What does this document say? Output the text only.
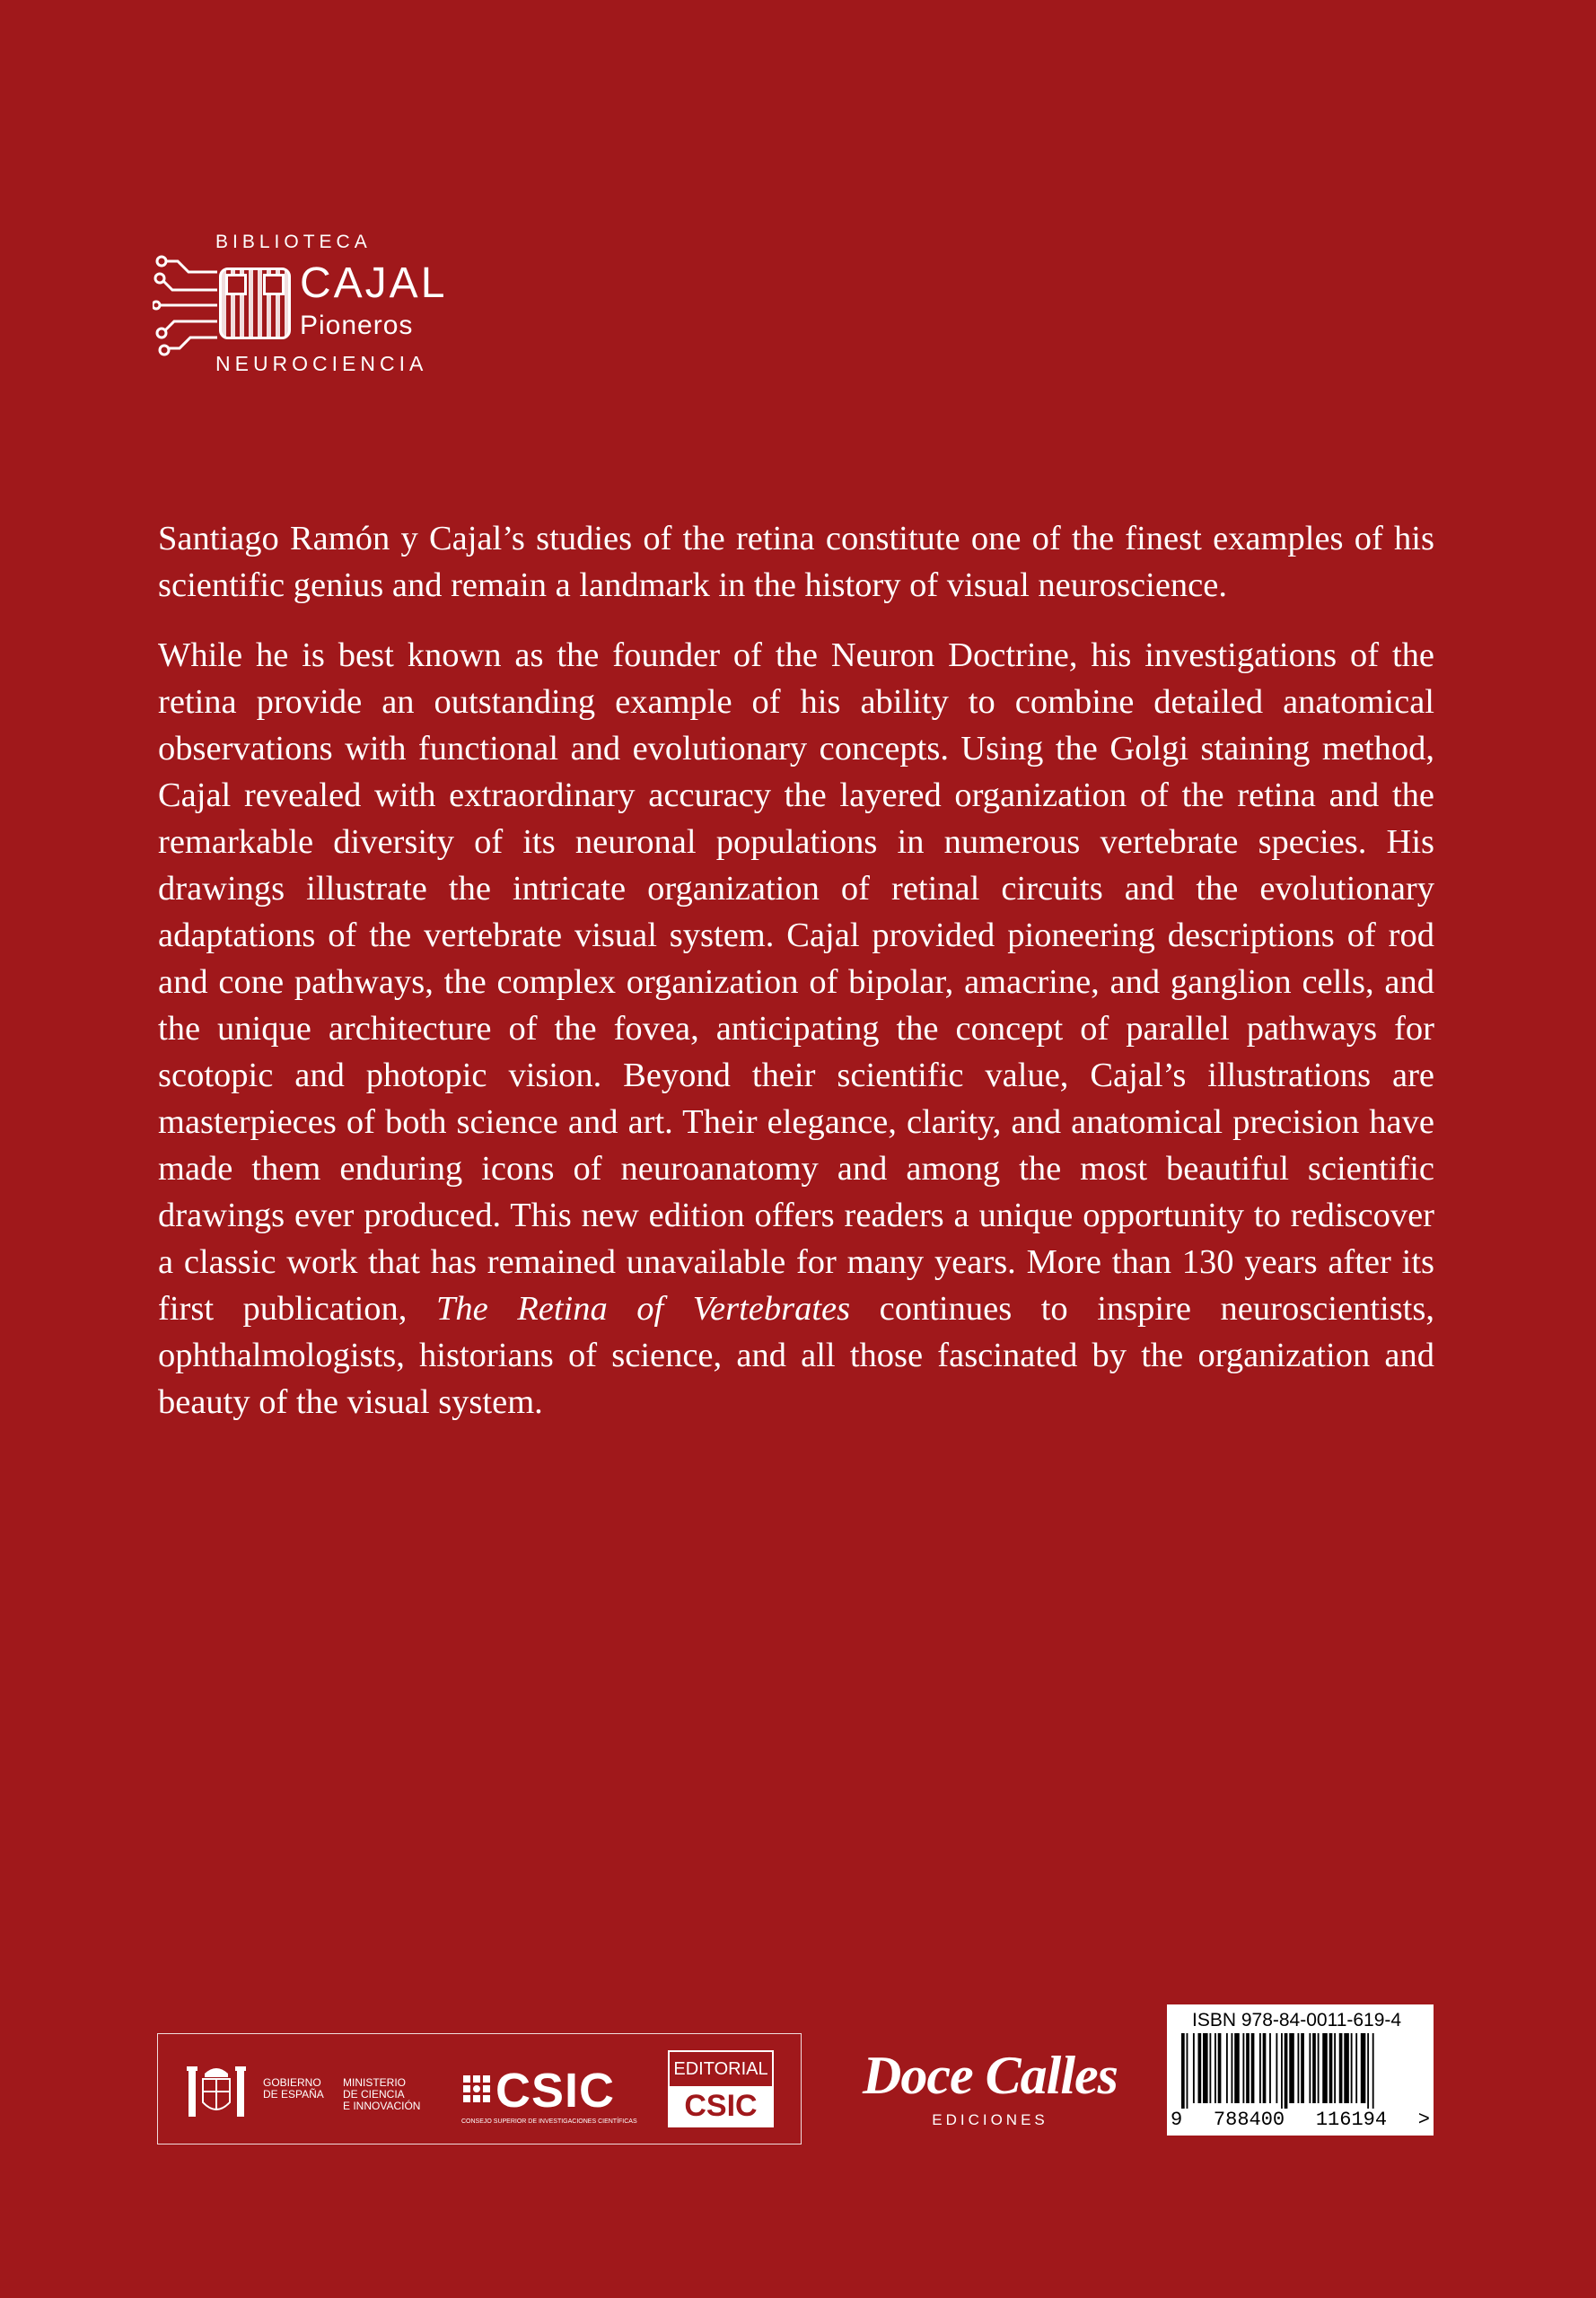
BIBLIOTECA
CAJAL
Pioneros
NEUROCIENCIA

Santiago Ramón y Cajal’s studies of the retina constitute one of the finest examples of his scientific genius and remain a landmark in the history of visual neuroscience.

While he is best known as the founder of the Neuron Doctrine, his investigations of the retina provide an outstanding example of his ability to combine detailed anatomical observations with functional and evolutionary concepts. Using the Golgi staining method, Cajal revealed with extraordinary accuracy the layered organization of the retina and the remarkable diversity of its neuronal populations in numerous vertebrate species. His drawings illustrate the intricate organization of retinal circuits and the evolutionary adaptations of the vertebrate visual system. Cajal provided pioneering descriptions of rod and cone pathways, the complex organization of bipolar, amacrine, and ganglion cells, and the unique architecture of the fovea, anticipating the concept of parallel pathways for scotopic and photopic vision. Beyond their scientific value, Cajal’s illustrations are masterpieces of both science and art. Their elegance, clarity, and anatomical precision have made them enduring icons of neuroanatomy and among the most beautiful scientific drawings ever produced. This new edition offers readers a unique opportunity to rediscover a classic work that has remained unavailable for many years. More than 130 years after its first publication, The Retina of Vertebrates continues to inspire neuroscientists, ophthalmologists, historians of science, and all those fascinated by the organization and beauty of the visual system.

GOBIERNO
DE ESPAÑA
MINISTERIO
DE CIENCIA
E INNOVACIÓN	CSIC
CONSEJO SUPERIOR DE INVESTIGACIONES CIENTÍFICAS
EDITORIAL
CSIC
Doce Calles
EDICIONES
ISBN 978-84-0011-619-4
9 788400 116194 >
